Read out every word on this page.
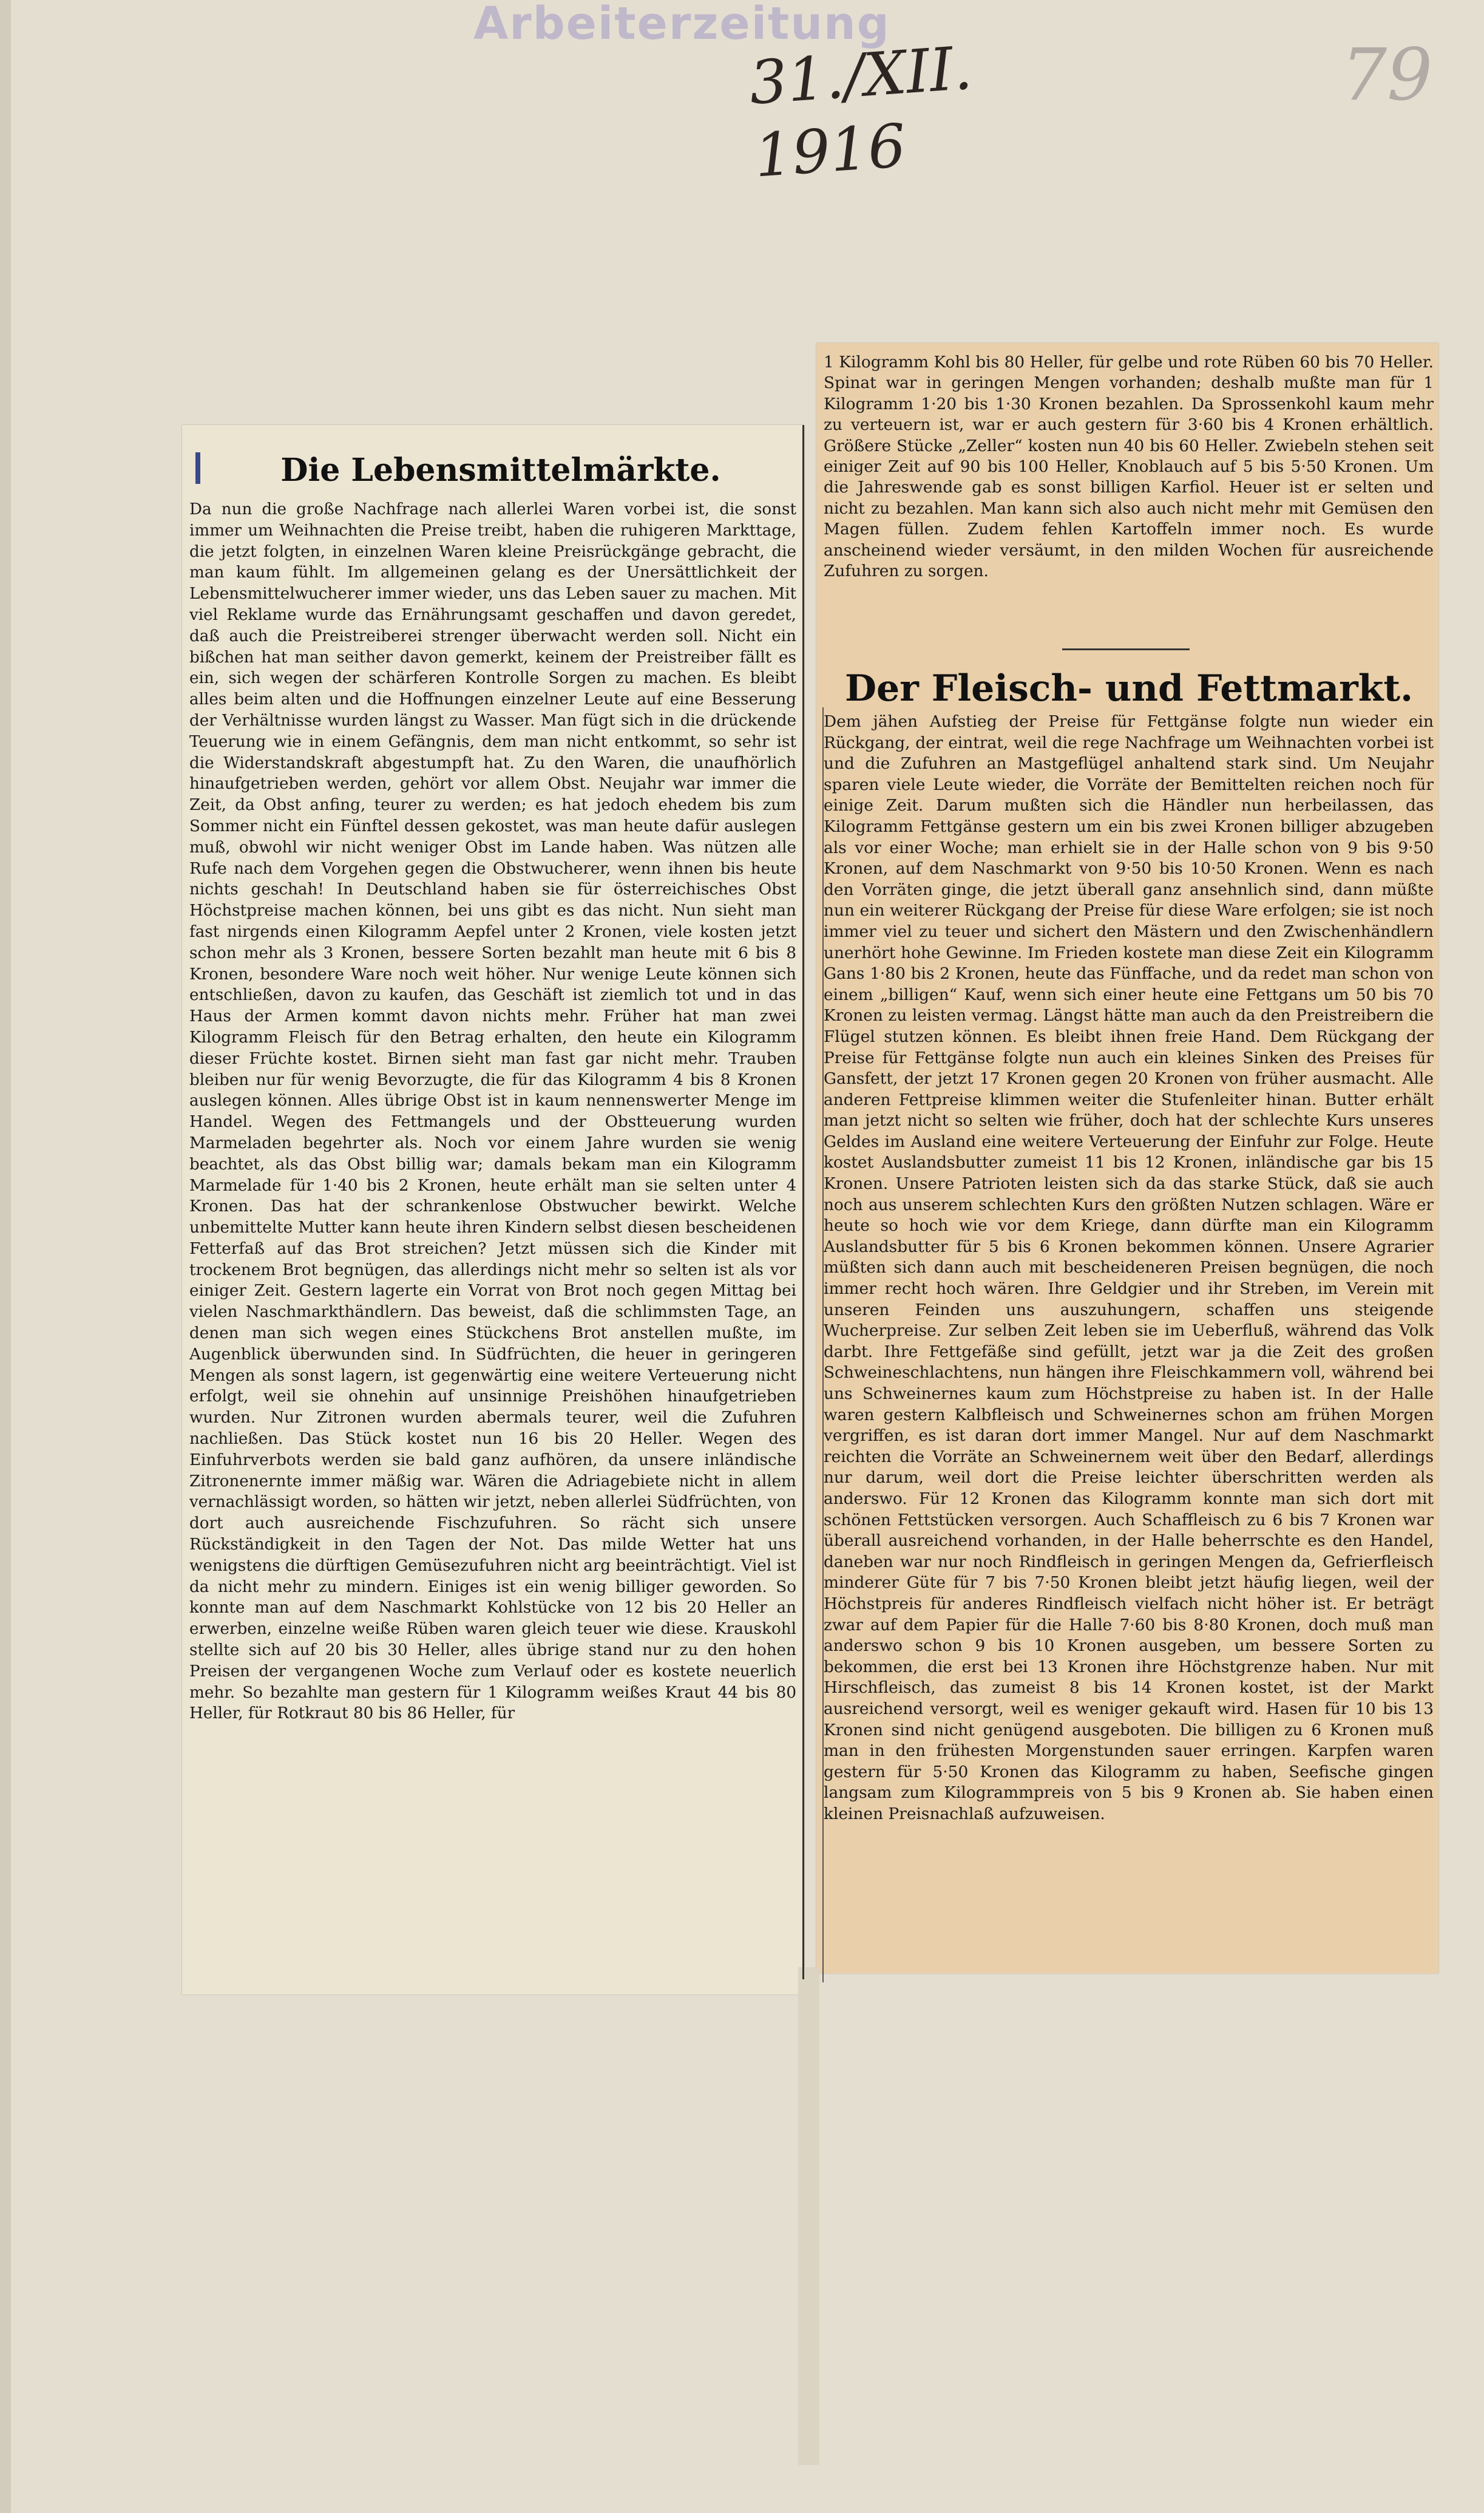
Arbeiterzeitung
31./XII. 1916
79
Die Lebensmittelmärkte.

Da nun die große Nachfrage nach allerlei Waren vorbei ist, die sonst immer um Weihnachten die Preise treibt, haben die ruhigeren Markttage, die jetzt folgten, in einzelnen Waren kleine Preisrückgänge gebracht, die man kaum fühlt. Im allgemeinen gelang es der Unersättlichkeit der Lebensmittelwucherer immer wieder, uns das Leben sauer zu machen. Mit viel Reklame wurde das Ernährungsamt geschaffen und davon geredet, daß auch die Preistreiberei strenger überwacht werden soll. Nicht ein bißchen hat man seither davon gemerkt, keinem der Preistreiber fällt es ein, sich wegen der schärferen Kontrolle Sorgen zu machen. Es bleibt alles beim alten und die Hoffnungen einzelner Leute auf eine Besserung der Verhältnisse wurden längst zu Wasser. Man fügt sich in die drückende Teuerung wie in einem Gefängnis, dem man nicht entkommt, so sehr ist die Widerstandskraft abgestumpft hat. Zu den Waren, die unaufhörlich hinaufgetrieben werden, gehört vor allem Obst. Neujahr war immer die Zeit, da Obst anfing, teurer zu werden; es hat jedoch ehedem bis zum Sommer nicht ein Fünftel dessen gekostet, was man heute dafür auslegen muß, obwohl wir nicht weniger Obst im Lande haben. Was nützen alle Rufe nach dem Vorgehen gegen die Obstwucherer, wenn ihnen bis heute nichts geschah! In Deutschland haben sie für österreichisches Obst Höchstpreise machen können, bei uns gibt es das nicht. Nun sieht man fast nirgends einen Kilogramm Aepfel unter 2 Kronen, viele kosten jetzt schon mehr als 3 Kronen, bessere Sorten bezahlt man heute mit 6 bis 8 Kronen, besondere Ware noch weit höher. Nur wenige Leute können sich entschließen, davon zu kaufen, das Geschäft ist ziemlich tot und in das Haus der Armen kommt davon nichts mehr. Früher hat man zwei Kilogramm Fleisch für den Betrag erhalten, den heute ein Kilogramm dieser Früchte kostet. Birnen sieht man fast gar nicht mehr. Trauben bleiben nur für wenig Bevorzugte, die für das Kilogramm 4 bis 8 Kronen auslegen können. Alles übrige Obst ist in kaum nennenswerter Menge im Handel. Wegen des Fettmangels und der Obstteuerung wurden Marmeladen begehrter als. Noch vor einem Jahre wurden sie wenig beachtet, als das Obst billig war; damals bekam man ein Kilogramm Marmelade für 1·40 bis 2 Kronen, heute erhält man sie selten unter 4 Kronen. Das hat der schrankenlose Obstwucher bewirkt. Welche unbemittelte Mutter kann heute ihren Kindern selbst diesen bescheidenen Fetterfaß auf das Brot streichen? Jetzt müssen sich die Kinder mit trockenem Brot begnügen, das allerdings nicht mehr so selten ist als vor einiger Zeit. Gestern lagerte ein Vorrat von Brot noch gegen Mittag bei vielen Naschmarkthändlern. Das beweist, daß die schlimmsten Tage, an denen man sich wegen eines Stückchens Brot anstellen mußte, im Augenblick überwunden sind. In Südfrüchten, die heuer in geringeren Mengen als sonst lagern, ist gegenwärtig eine weitere Verteuerung nicht erfolgt, weil sie ohnehin auf unsinnige Preishöhen hinaufgetrieben wurden. Nur Zitronen wurden abermals teurer, weil die Zufuhren nachließen. Das Stück kostet nun 16 bis 20 Heller. Wegen des Einfuhrverbots werden sie bald ganz aufhören, da unsere inländische Zitronenernte immer mäßig war. Wären die Adriagebiete nicht in allem vernachlässigt worden, so hätten wir jetzt, neben allerlei Südfrüchten, von dort auch ausreichende Fischzufuhren. So rächt sich unsere Rückständigkeit in den Tagen der Not. Das milde Wetter hat uns wenigstens die dürftigen Gemüsezufuhren nicht arg beeinträchtigt. Viel ist da nicht mehr zu mindern. Einiges ist ein wenig billiger geworden. So konnte man auf dem Naschmarkt Kohlstücke von 12 bis 20 Heller an erwerben, einzelne weiße Rüben waren gleich teuer wie diese. Krauskohl stellte sich auf 20 bis 30 Heller, alles übrige stand nur zu den hohen Preisen der vergangenen Woche zum Verlauf oder es kostete neuerlich mehr. So bezahlte man gestern für 1 Kilogramm weißes Kraut 44 bis 80 Heller, für Rotkraut 80 bis 86 Heller, für

1 Kilogramm Kohl bis 80 Heller, für gelbe und rote Rüben 60 bis 70 Heller. Spinat war in geringen Mengen vorhanden; deshalb mußte man für 1 Kilogramm 1·20 bis 1·30 Kronen bezahlen. Da Sprossenkohl kaum mehr zu verteuern ist, war er auch gestern für 3·60 bis 4 Kronen erhältlich. Größere Stücke „Zeller“ kosten nun 40 bis 60 Heller. Zwiebeln stehen seit einiger Zeit auf 90 bis 100 Heller, Knoblauch auf 5 bis 5·50 Kronen. Um die Jahreswende gab es sonst billigen Karfiol. Heuer ist er selten und nicht zu bezahlen. Man kann sich also auch nicht mehr mit Gemüsen den Magen füllen. Zudem fehlen Kartoffeln immer noch. Es wurde anscheinend wieder versäumt, in den milden Wochen für ausreichende Zufuhren zu sorgen.

Der Fleisch- und Fettmarkt.

Dem jähen Aufstieg der Preise für Fettgänse folgte nun wieder ein Rückgang, der eintrat, weil die rege Nachfrage um Weihnachten vorbei ist und die Zufuhren an Mastgeflügel anhaltend stark sind. Um Neujahr sparen viele Leute wieder, die Vorräte der Bemittelten reichen noch für einige Zeit. Darum mußten sich die Händler nun herbeilassen, das Kilogramm Fettgänse gestern um ein bis zwei Kronen billiger abzugeben als vor einer Woche; man erhielt sie in der Halle schon von 9 bis 9·50 Kronen, auf dem Naschmarkt von 9·50 bis 10·50 Kronen. Wenn es nach den Vorräten ginge, die jetzt überall ganz ansehnlich sind, dann müßte nun ein weiterer Rückgang der Preise für diese Ware erfolgen; sie ist noch immer viel zu teuer und sichert den Mästern und den Zwischenhändlern unerhört hohe Gewinne. Im Frieden kostete man diese Zeit ein Kilogramm Gans 1·80 bis 2 Kronen, heute das Fünffache, und da redet man schon von einem „billigen“ Kauf, wenn sich einer heute eine Fettgans um 50 bis 70 Kronen zu leisten vermag. Längst hätte man auch da den Preistreibern die Flügel stutzen können. Es bleibt ihnen freie Hand. Dem Rückgang der Preise für Fettgänse folgte nun auch ein kleines Sinken des Preises für Gansfett, der jetzt 17 Kronen gegen 20 Kronen von früher ausmacht. Alle anderen Fettpreise klimmen weiter die Stufenleiter hinan. Butter erhält man jetzt nicht so selten wie früher, doch hat der schlechte Kurs unseres Geldes im Ausland eine weitere Verteuerung der Einfuhr zur Folge. Heute kostet Auslandsbutter zumeist 11 bis 12 Kronen, inländische gar bis 15 Kronen. Unsere Patrioten leisten sich da das starke Stück, daß sie auch noch aus unserem schlechten Kurs den größten Nutzen schlagen. Wäre er heute so hoch wie vor dem Kriege, dann dürfte man ein Kilogramm Auslandsbutter für 5 bis 6 Kronen bekommen können. Unsere Agrarier müßten sich dann auch mit bescheideneren Preisen begnügen, die noch immer recht hoch wären. Ihre Geldgier und ihr Streben, im Verein mit unseren Feinden uns auszuhungern, schaffen uns steigende Wucherpreise. Zur selben Zeit leben sie im Ueberfluß, während das Volk darbt. Ihre Fettgefäße sind gefüllt, jetzt war ja die Zeit des großen Schweineschlachtens, nun hängen ihre Fleischkammern voll, während bei uns Schweinernes kaum zum Höchstpreise zu haben ist. In der Halle waren gestern Kalbfleisch und Schweinernes schon am frühen Morgen vergriffen, es ist daran dort immer Mangel. Nur auf dem Naschmarkt reichten die Vorräte an Schweinernem weit über den Bedarf, allerdings nur darum, weil dort die Preise leichter überschritten werden als anderswo. Für 12 Kronen das Kilogramm konnte man sich dort mit schönen Fettstücken versorgen. Auch Schaffleisch zu 6 bis 7 Kronen war überall ausreichend vorhanden, in der Halle beherrschte es den Handel, daneben war nur noch Rindfleisch in geringen Mengen da, Gefrierfleisch minderer Güte für 7 bis 7·50 Kronen bleibt jetzt häufig liegen, weil der Höchstpreis für anderes Rindfleisch vielfach nicht höher ist. Er beträgt zwar auf dem Papier für die Halle 7·60 bis 8·80 Kronen, doch muß man anderswo schon 9 bis 10 Kronen ausgeben, um bessere Sorten zu bekommen, die erst bei 13 Kronen ihre Höchstgrenze haben. Nur mit Hirschfleisch, das zumeist 8 bis 14 Kronen kostet, ist der Markt ausreichend versorgt, weil es weniger gekauft wird. Hasen für 10 bis 13 Kronen sind nicht genügend ausgeboten. Die billigen zu 6 Kronen muß man in den frühesten Morgenstunden sauer erringen. Karpfen waren gestern für 5·50 Kronen das Kilogramm zu haben, Seefische gingen langsam zum Kilogrammpreis von 5 bis 9 Kronen ab. Sie haben einen kleinen Preisnachlaß aufzuweisen.
